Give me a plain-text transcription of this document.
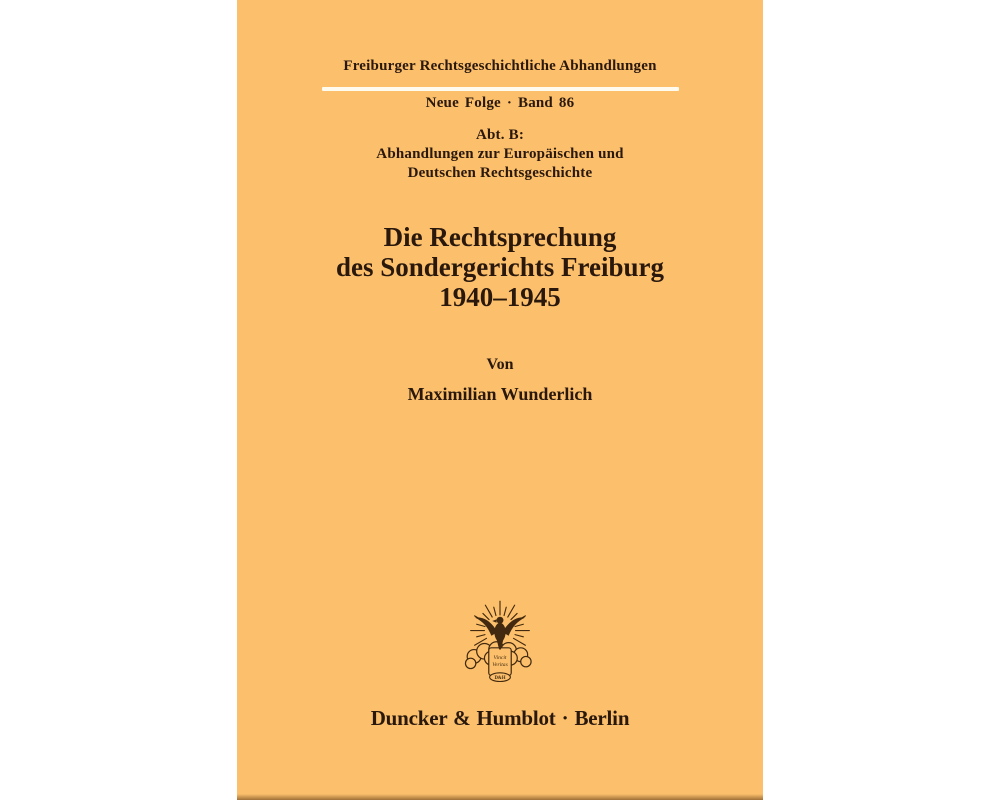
Freiburger Rechtsgeschichtliche Abhandlungen
Neue Folge · Band 86
Abt. B:
Abhandlungen zur Europäischen und
Deutschen Rechtsgeschichte
Die Rechtsprechung
des Sondergerichts Freiburg
1940–1945
Von
Maximilian Wunderlich
Vincit
Veritas
D&H
Duncker & Humblot · Berlin
